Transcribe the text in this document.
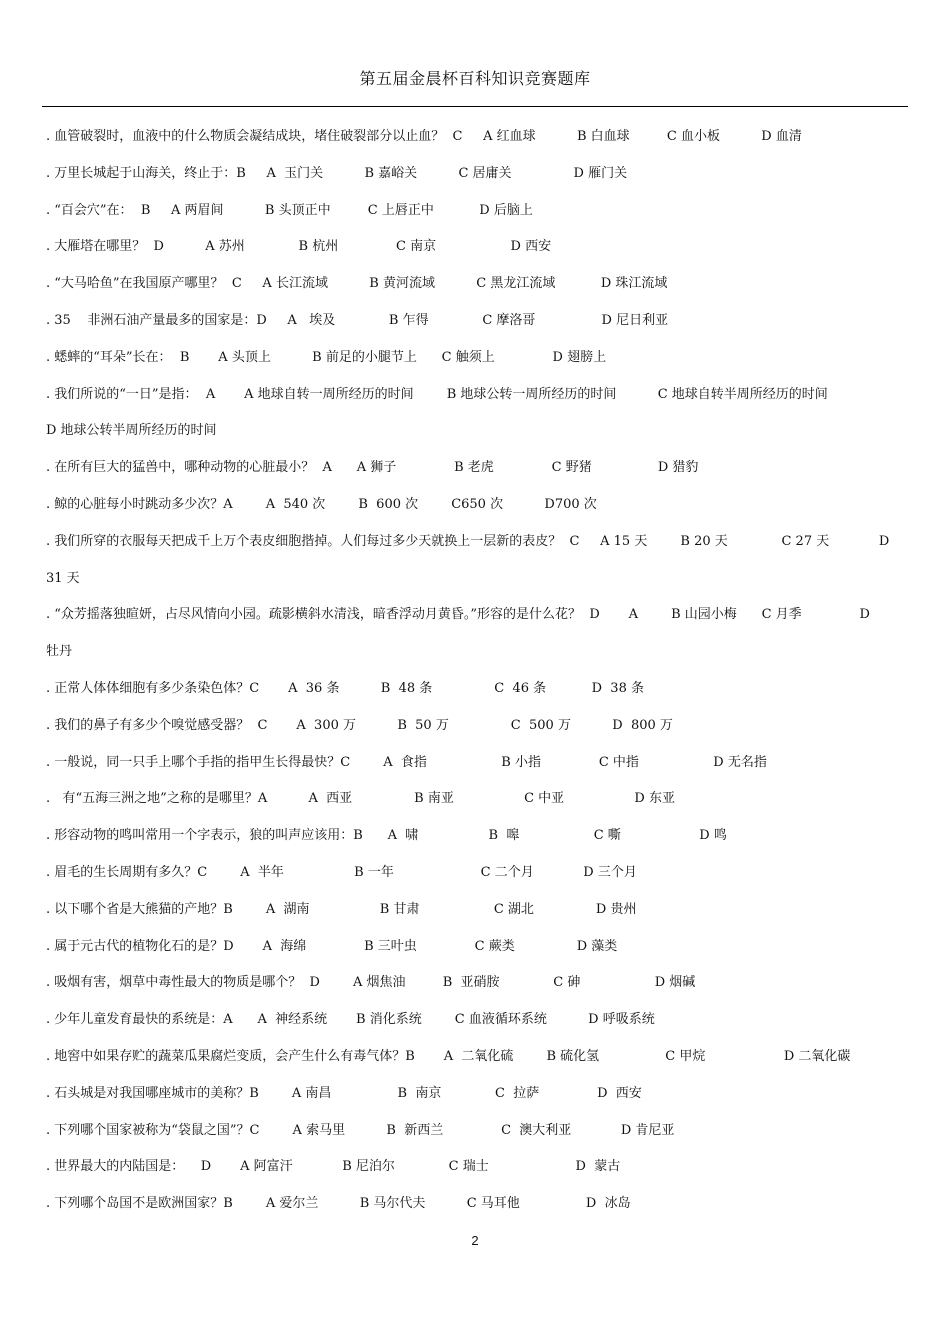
第五届金晨杯百科知识竞赛题库
. 血管破裂时，血液中的什么物质会凝结成块，堵住破裂部分以止血？  C     A 红血球          B 白血球         C 血小板          D 血清
. 万里长城起于山海关，终止于：B     A  玉门关          B 嘉峪关          C 居庸关               D 雁门关
. “百会穴”在：  B     A 两眉间          B 头顶正中         C 上唇正中           D 后脑上
. 大雁塔在哪里？  D          A 苏州             B 杭州              C 南京                  D 西安
. “大马哈鱼”在我国原产哪里？  C     A 长江流域          B 黄河流域          C 黑龙江流域           D 珠江流域
. 35    非洲石油产量最多的国家是：D     A   埃及             B 乍得             C 摩洛哥                D 尼日利亚
. 蟋蟀的“耳朵”长在：  B       A 头顶上          B 前足的小腿节上      C 触须上              D 翅膀上
. 我们所说的“一日”是指：  A       A 地球自转一周所经历的时间        B 地球公转一周所经历的时间          C 地球自转半周所经历的时间
D 地球公转半周所经历的时间
. 在所有巨大的猛兽中，哪种动物的心脏最小？  A      A 狮子              B 老虎              C 野猪                D 猎豹
. 鲸的心脏每小时跳动多少次？A        A  540 次        B  600 次        C650 次          D700 次
. 我们所穿的衣服每天把成千上万个表皮细胞揩掉。人们每过多少天就换上一层新的表皮？  C     A 15 天        B 20 天             C 27 天            D
31 天
. “众芳摇落独暄妍，占尽风情向小园。疏影横斜水清浅，暗香浮动月黄昏。”形容的是什么花？  D       A        B 山园小梅      C 月季              D
牡丹
. 正常人体体细胞有多少条染色体？C       A  36 条          B  48 条               C  46 条           D  38 条
. 我们的鼻子有多少个嗅觉感受器？  C       A  300 万          B  50 万               C  500 万          D  800 万
. 一般说，同一只手上哪个手指的指甲生长得最快？C        A  食指                  B 小指              C 中指                  D 无名指
.   有“五海三洲之地”之称的是哪里？A          A  西亚               B 南亚                 C 中亚                 D 东亚
. 形容动物的鸣叫常用一个字表示，狼的叫声应该用：B      A  啸                 B  嗥                  C 嘶                   D 鸣
. 眉毛的生长周期有多久？C        A  半年                 B 一年                     C 二个月            D 三个月
. 以下哪个省是大熊猫的产地？B        A  湖南                 B 甘肃                  C 湖北               D 贵州
. 属于元古代的植物化石的是？D       A  海绵              B 三叶虫              C 蕨类               D 藻类
. 吸烟有害，烟草中毒性最大的物质是哪个？  D        A 烟焦油         B  亚硝胺             C 砷                  D 烟碱
. 少年儿童发育最快的系统是：A      A  神经系统       B 消化系统        C 血液循环系统          D 呼吸系统
. 地窖中如果存贮的蔬菜瓜果腐烂变质，会产生什么有毒气体？B       A  二氧化硫        B 硫化氢                C 甲烷                   D 二氧化碳
. 石头城是对我国哪座城市的美称？B        A 南昌                B  南京             C  拉萨              D  西安
. 下列哪个国家被称为“袋鼠之国”？C        A 索马里          B  新西兰              C  澳大利亚            D 肯尼亚
. 世界最大的内陆国是：    D       A 阿富汗            B 尼泊尔             C 瑞士                     D  蒙古
. 下列哪个岛国不是欧洲国家？B        A 爱尔兰          B 马尔代夫          C 马耳他                D  冰岛
2
